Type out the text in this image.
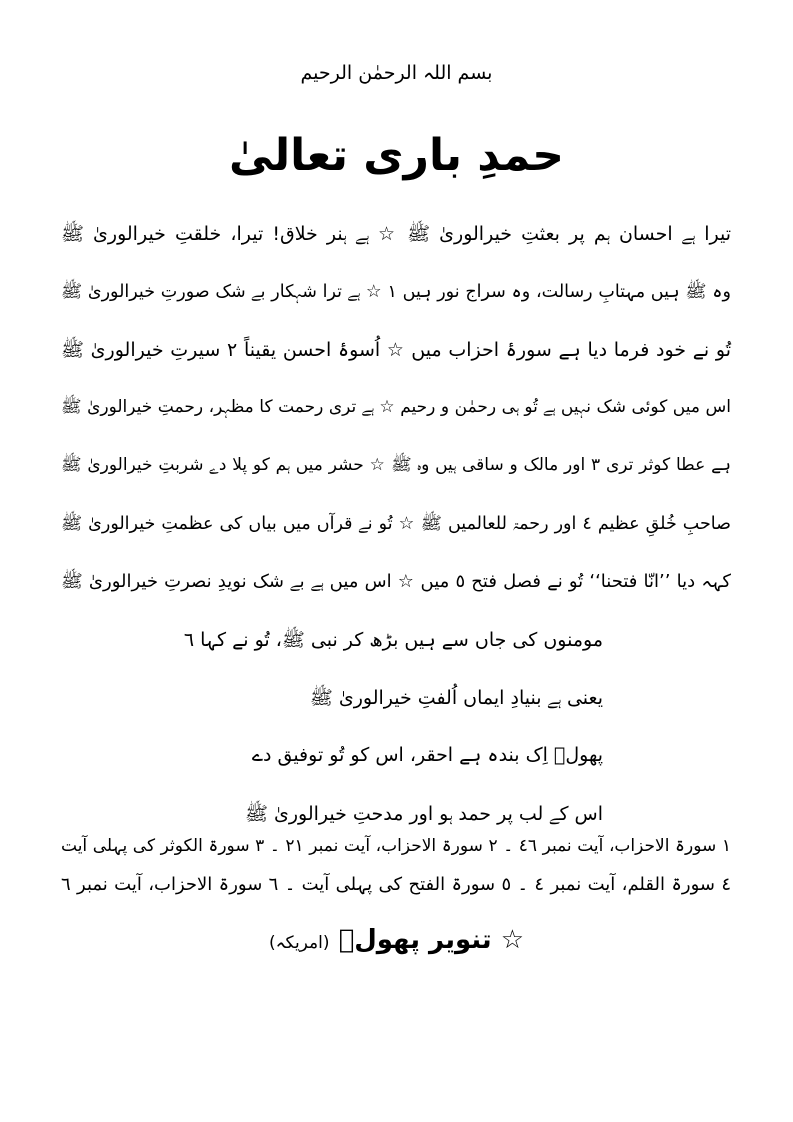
بسم اللہ الرحمٰن الرحیم
حمدِ باری تعالیٰ
تیرا ہے احسان ہم پر بعثتِ خیرالوریٰ ﷺ ☆ ہے ہنر خلاق! تیرا، خلقتِ خیرالوریٰ ﷺ
وہ ﷺ ہیں مہتابِ رسالت، وہ سراج نور ہیں ١ ☆ ہے ترا شہکار بے شک صورتِ خیرالوریٰ ﷺ
تُو نے خود فرما دیا ہے سورۂ احزاب میں ☆ اُسوۂ احسن یقیناً ٢ سیرتِ خیرالوریٰ ﷺ
اس میں کوئی شک نہیں ہے تُو ہی رحمٰن و رحیم ☆ ہے تری رحمت کا مظہر، رحمتِ خیرالوریٰ ﷺ
ہے عطا کوثر تری ٣ اور مالک و ساقی ہیں وہ ﷺ ☆ حشر میں ہم کو پلا دے شربتِ خیرالوریٰ ﷺ
صاحبِ خُلقِ عظیم ٤ اور رحمۃ للعالمیں ﷺ ☆ تُو نے قرآں میں بیاں کی عظمتِ خیرالوریٰ ﷺ
کہہ دیا ’’انّا فتحنا‘‘ تُو نے فصل فتح ٥ میں ☆ اس میں ہے بے شک نویدِ نصرتِ خیرالوریٰ ﷺ
مومنوں کی جاں سے ہیں بڑھ کر نبی ﷺ، تُو نے کہا ٦
یعنی ہے بنیادِ ایماں اُلفتِ خیرالوریٰ ﷺ
پھولؔ اِک بندہ ہے احقر، اس کو تُو توفیق دے
اس کے لب پر حمد ہو اور مدحتِ خیرالوریٰ ﷺ
١ سورۃ الاحزاب، آیت نمبر ٤٦ ۔ ٢ سورۃ الاحزاب، آیت نمبر ٢١ ۔ ٣ سورۃ الکوثر کی پہلی آیت
٤ سورۃ القلم، آیت نمبر ٤ ۔ ٥ سورۃ الفتح کی پہلی آیت ۔ ٦ سورۃ الاحزاب، آیت نمبر ٦
☆ تنویر پھولؔ (امریکہ)
